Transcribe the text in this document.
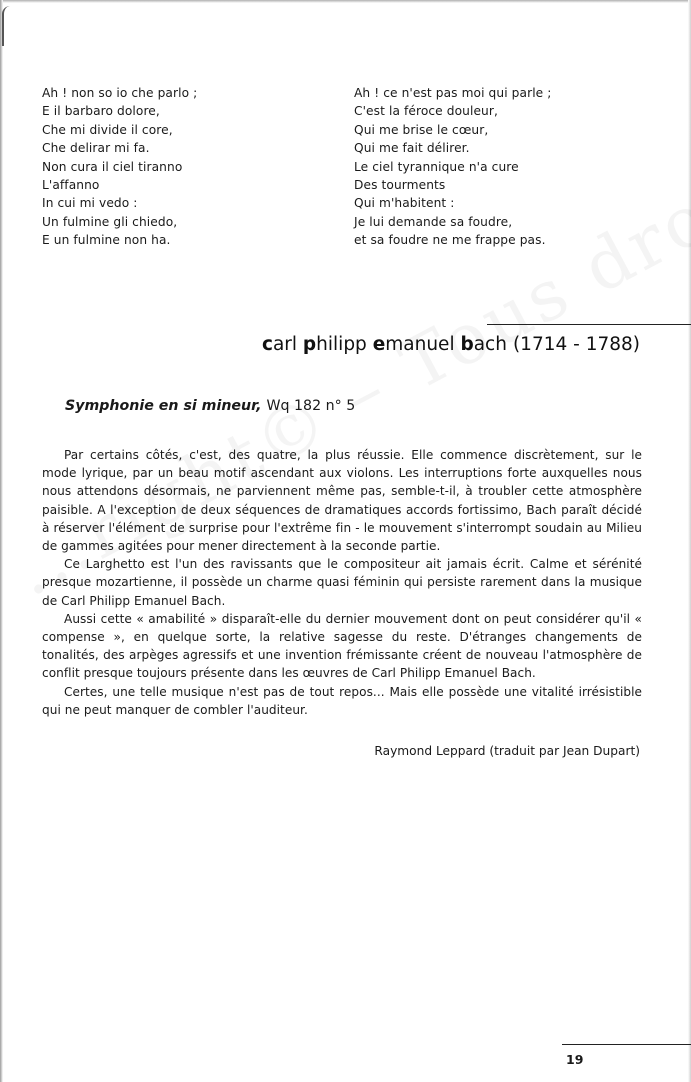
Ah ! non so io che parlo ;
E il barbaro dolore,
Che mi divide il core,
Che delirar mi fa.
Non cura il ciel tiranno
L'affanno
In cui mi vedo :
Un fulmine gli chiedo,
E un fulmine non ha.
Ah ! ce n'est pas moi qui parle ;
C'est la féroce douleur,
Qui me brise le cœur,
Qui me fait délirer.
Le ciel tyrannique n'a cure
Des tourments
Qui m'habitent :
Je lui demande sa foudre,
et sa foudre ne me frappe pas.
carl philipp emanuel bach (1714 - 1788)
Symphonie en si mineur, Wq 182 n° 5

Par certains côtés, c'est, des quatre, la plus réussie. Elle commence discrètement, sur le mode lyrique, par un beau motif ascendant aux violons. Les interruptions forte auxquelles nous nous attendons désormais, ne parviennent même pas, semble-t-il, à troubler cette atmosphère paisible. A l'exception de deux séquences de dramatiques accords fortissimo, Bach paraît décidé à réserver l'élément de surprise pour l'extrême fin - le mouvement s'interrompt soudain au Milieu de gammes agitées pour mener directement à la seconde partie.

Ce Larghetto est l'un des ravissants que le compositeur ait jamais écrit. Calme et sérénité presque mozartienne, il possède un charme quasi féminin qui persiste rarement dans la musique de Carl Philipp Emanuel Bach.

Aussi cette « amabilité » disparaît-elle du dernier mouvement dont on peut considérer qu'il « compense », en quelque sorte, la relative sagesse du reste. D'étranges changements de tonalités, des arpèges agressifs et une invention frémissante créent de nouveau l'atmosphère de conflit presque toujours présente dans les œuvres de Carl Philipp Emanuel Bach.

Certes, une telle musique n'est pas de tout repos... Mais elle possède une vitalité irrésistible qui ne peut manquer de combler l'auditeur.

Raymond Leppard (traduit par Jean Dupart)
19
